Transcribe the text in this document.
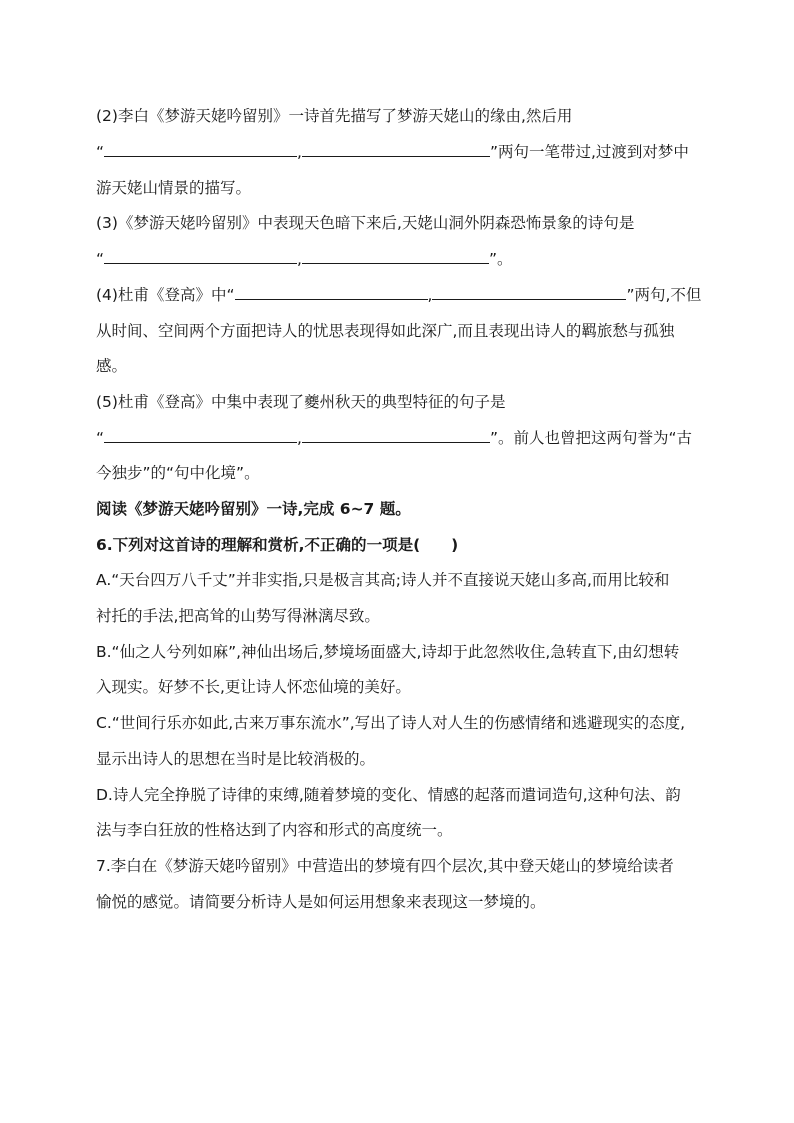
(2)李白《梦游天姥吟留别》一诗首先描写了梦游天姥山的缘由,然后用
“	,	”两句一笔带过,过渡到对梦中
游天姥山情景的描写。
(3)《梦游天姥吟留别》中表现天色暗下来后,天姥山洞外阴森恐怖景象的诗句是
“	,	”。
(4)杜甫《登高》中“	,	”两句,不但
从时间、空间两个方面把诗人的忧思表现得如此深广,而且表现出诗人的羁旅愁与孤独
感。
(5)杜甫《登高》中集中表现了夔州秋天的典型特征的句子是
“	,	”。前人也曾把这两句誉为“古
今独步”的“句中化境”。
阅读《梦游天姥吟留别》一诗,完成 6~7 题。
6.下列对这首诗的理解和赏析,不正确的一项是(　　)
A.“天台四万八千丈”并非实指,只是极言其高;诗人并不直接说天姥山多高,而用比较和
衬托的手法,把高耸的山势写得淋漓尽致。
B.“仙之人兮列如麻”,神仙出场后,梦境场面盛大,诗却于此忽然收住,急转直下,由幻想转
入现实。好梦不长,更让诗人怀恋仙境的美好。
C.“世间行乐亦如此,古来万事东流水”,写出了诗人对人生的伤感情绪和逃避现实的态度,
显示出诗人的思想在当时是比较消极的。
D.诗人完全挣脱了诗律的束缚,随着梦境的变化、情感的起落而遣词造句,这种句法、韵
法与李白狂放的性格达到了内容和形式的高度统一。
7.李白在《梦游天姥吟留别》中营造出的梦境有四个层次,其中登天姥山的梦境给读者
愉悦的感觉。请简要分析诗人是如何运用想象来表现这一梦境的。
